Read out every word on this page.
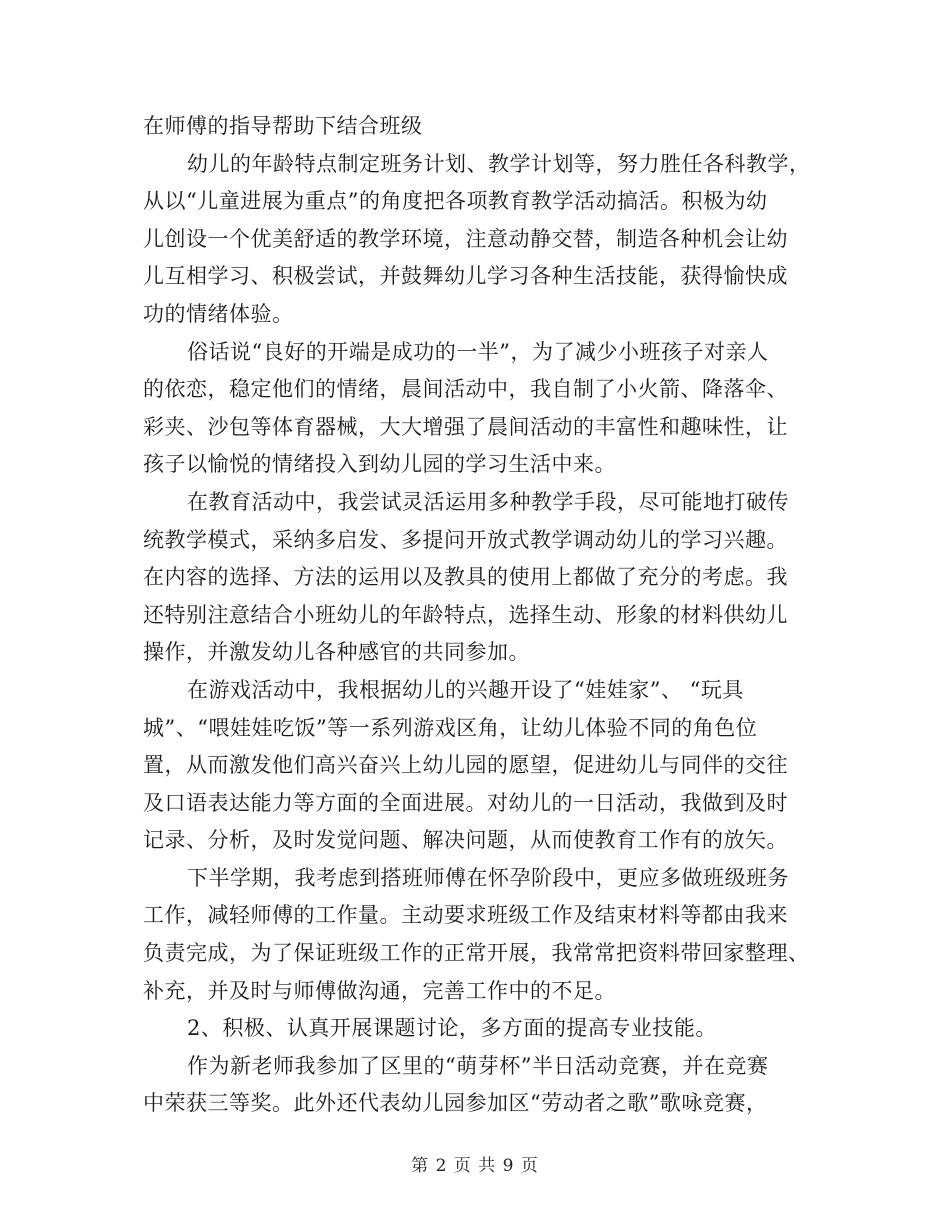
在师傅的指导帮助下结合班级
幼儿的年龄特点制定班务计划、教学计划等，努力胜任各科教学，
从以“儿童进展为重点”的角度把各项教育教学活动搞活。积极为幼
儿创设一个优美舒适的教学环境，注意动静交替，制造各种机会让幼
儿互相学习、积极尝试，并鼓舞幼儿学习各种生活技能，获得愉快成
功的情绪体验。
俗话说“良好的开端是成功的一半”，为了减少小班孩子对亲人
的依恋，稳定他们的情绪，晨间活动中，我自制了小火箭、降落伞、
彩夹、沙包等体育器械，大大增强了晨间活动的丰富性和趣味性，让
孩子以愉悦的情绪投入到幼儿园的学习生活中来。
在教育活动中，我尝试灵活运用多种教学手段，尽可能地打破传
统教学模式，采纳多启发、多提问开放式教学调动幼儿的学习兴趣。
在内容的选择、方法的运用以及教具的使用上都做了充分的考虑。我
还特别注意结合小班幼儿的年龄特点，选择生动、形象的材料供幼儿
操作，并激发幼儿各种感官的共同参加。
在游戏活动中，我根据幼儿的兴趣开设了“娃娃家”、 “玩具
城”、“喂娃娃吃饭”等一系列游戏区角，让幼儿体验不同的角色位
置，从而激发他们高兴奋兴上幼儿园的愿望，促进幼儿与同伴的交往
及口语表达能力等方面的全面进展。对幼儿的一日活动，我做到及时
记录、分析，及时发觉问题、解决问题，从而使教育工作有的放矢。
下半学期，我考虑到搭班师傅在怀孕阶段中，更应多做班级班务
工作，减轻师傅的工作量。主动要求班级工作及结束材料等都由我来
负责完成，为了保证班级工作的正常开展，我常常把资料带回家整理、
补充，并及时与师傅做沟通，完善工作中的不足。
2、积极、认真开展课题讨论，多方面的提高专业技能。
作为新老师我参加了区里的“萌芽杯”半日活动竞赛，并在竞赛
中荣获三等奖。此外还代表幼儿园参加区“劳动者之歌”歌咏竞赛，
第 2 页 共 9 页
